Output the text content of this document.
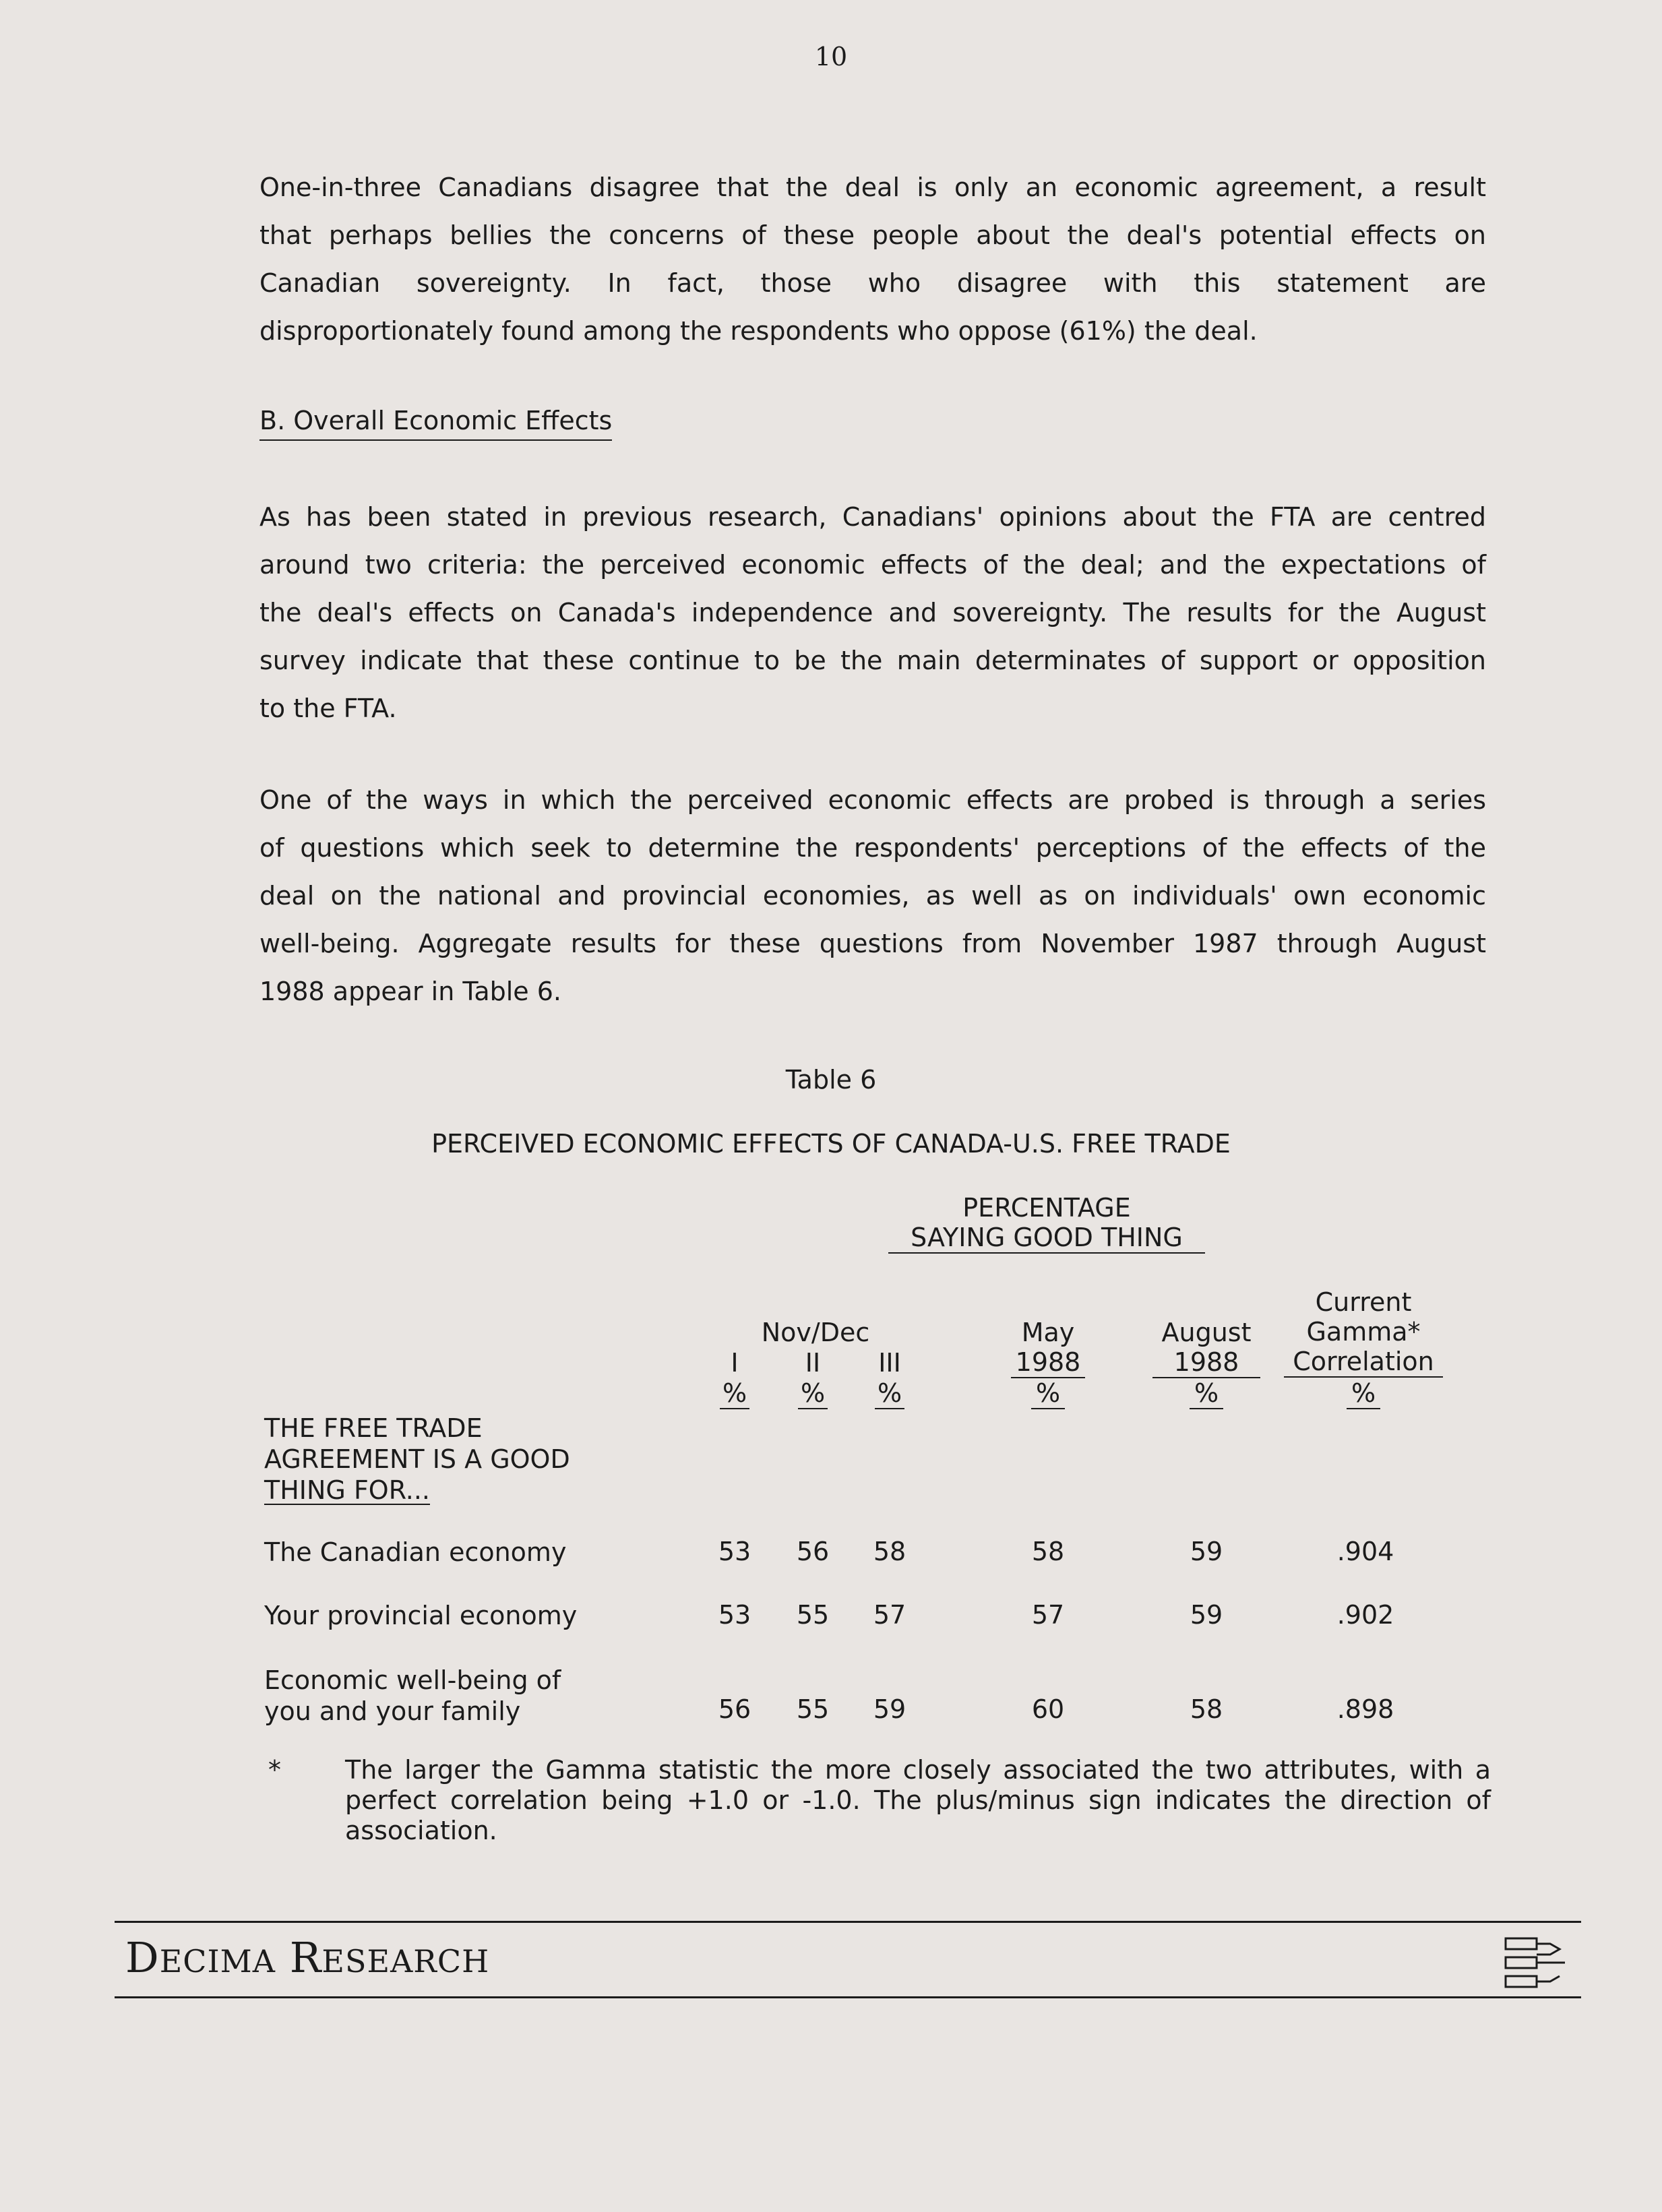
10
One-in-three Canadians disagree that the deal is only an economic agreement, a result
that perhaps bellies the concerns of these people about the deal's potential effects on
Canadian sovereignty. In fact, those who disagree with this statement are
disproportionately found among the respondents who oppose (61%) the deal.
B. Overall Economic Effects
As has been stated in previous research, Canadians' opinions about the FTA are centred
around two criteria: the perceived economic effects of the deal; and the expectations of
the deal's effects on Canada's independence and sovereignty. The results for the August
survey indicate that these continue to be the main determinates of support or opposition
to the FTA.
One of the ways in which the perceived economic effects are probed is through a series
of questions which seek to determine the respondents' perceptions of the effects of the
deal on the national and provincial economies, as well as on individuals' own economic
well-being. Aggregate results for these questions from November 1987 through August
1988 appear in Table 6.
Table 6
PERCEIVED ECONOMIC EFFECTS OF CANADA-U.S. FREE TRADE
PERCENTAGE
SAYING GOOD THING
Current
Gamma*
Correlation
Nov/Dec
I	II	III
May
1988
August
1988
% % %	%	%	%
THE FREE TRADE
AGREEMENT IS A GOOD
THING FOR...
The Canadian economy	53	56	58	58	59	.904
Your provincial economy	53	55	57	57	59	.902
Economic well-being of
you and your family	56	55	59	60	58	.898
*	The larger the Gamma statistic the more closely associated the two attributes, with a perfect correlation being +1.0 or -1.0. The plus/minus sign indicates the direction of association.
DECIMA RESEARCH
